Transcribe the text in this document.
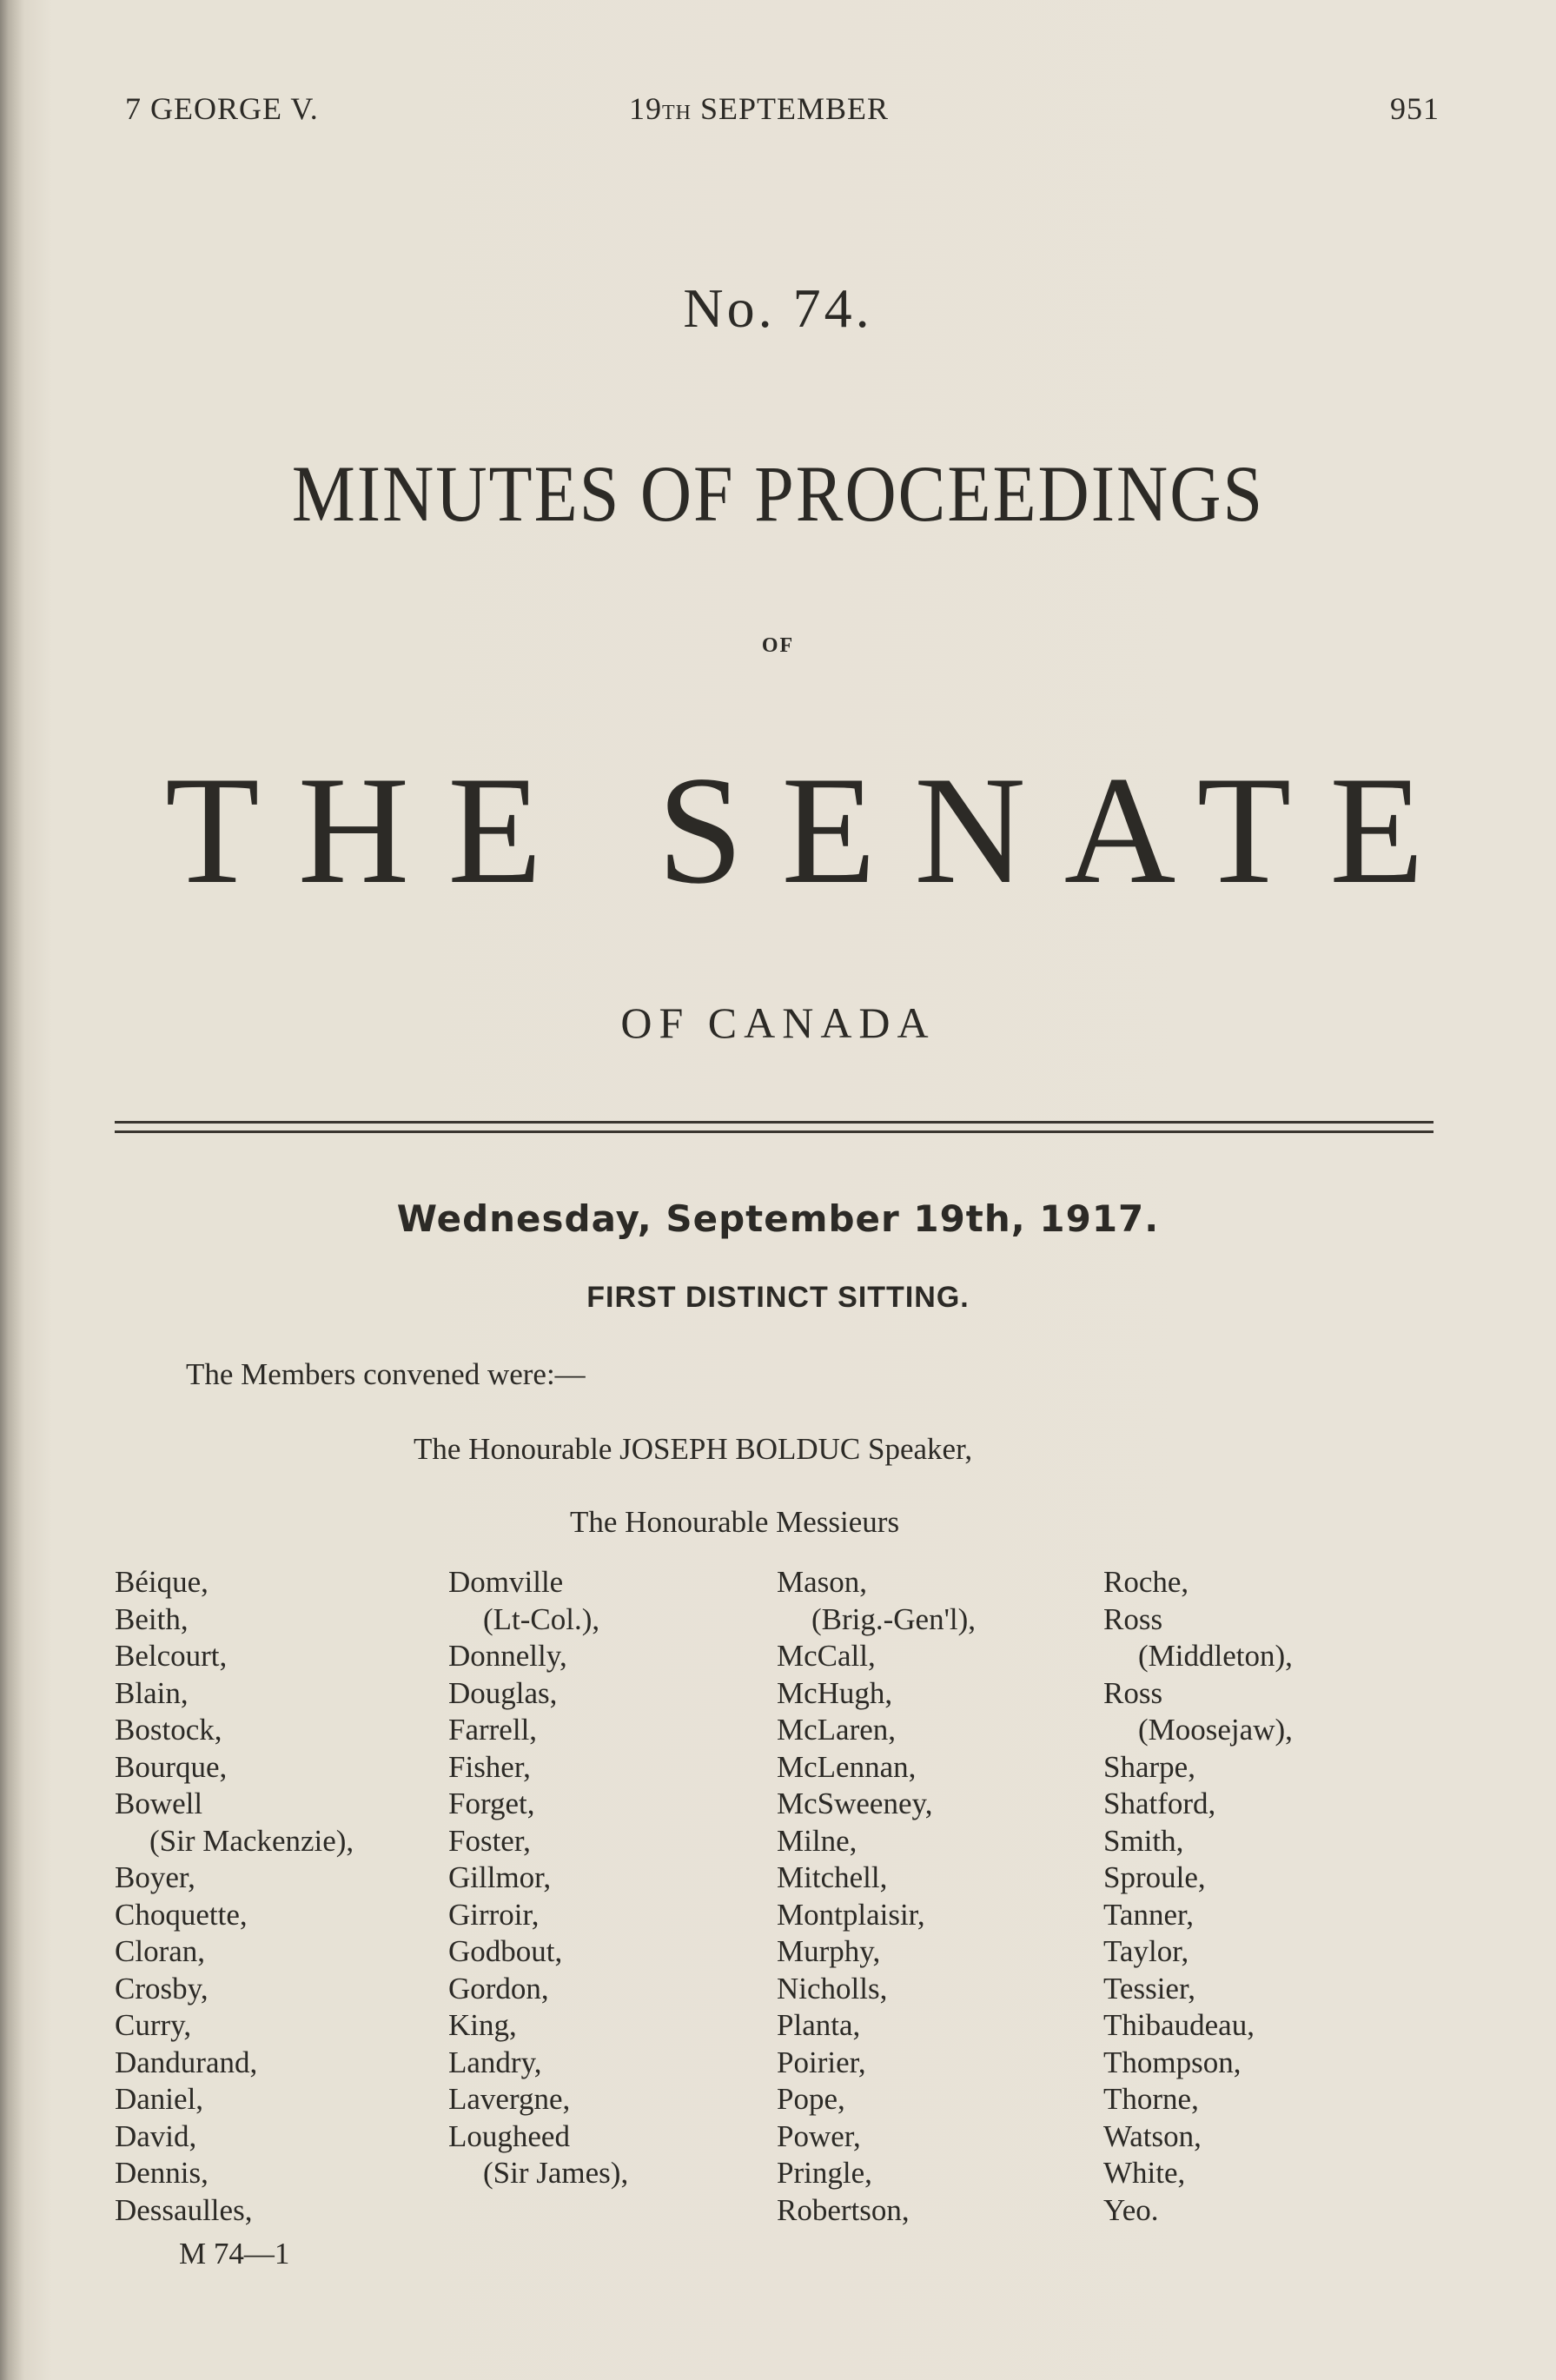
7 GEORGE V.	19TH SEPTEMBER	951
No. 74.
MINUTES OF PROCEEDINGS
OF
THE SENATE
OF CANADA
Wednesday, September 19th, 1917.
FIRST DISTINCT SITTING.
The Members convened were:—
The Honourable JOSEPH BOLDUC Speaker,
The Honourable Messieurs
Béique,
Beith,
Belcourt,
Blain,
Bostock,
Bourque,
Bowell
(Sir Mackenzie),
Boyer,
Choquette,
Cloran,
Crosby,
Curry,
Dandurand,
Daniel,
David,
Dennis,
Dessaulles,
Domville
(Lt-Col.),
Donnelly,
Douglas,
Farrell,
Fisher,
Forget,
Foster,
Gillmor,
Girroir,
Godbout,
Gordon,
King,
Landry,
Lavergne,
Lougheed
(Sir James),
Mason,
(Brig.-Gen'l),
McCall,
McHugh,
McLaren,
McLennan,
McSweeney,
Milne,
Mitchell,
Montplaisir,
Murphy,
Nicholls,
Planta,
Poirier,
Pope,
Power,
Pringle,
Robertson,
Roche,
Ross
(Middleton),
Ross
(Moosejaw),
Sharpe,
Shatford,
Smith,
Sproule,
Tanner,
Taylor,
Tessier,
Thibaudeau,
Thompson,
Thorne,
Watson,
White,
Yeo.
M 74—1
